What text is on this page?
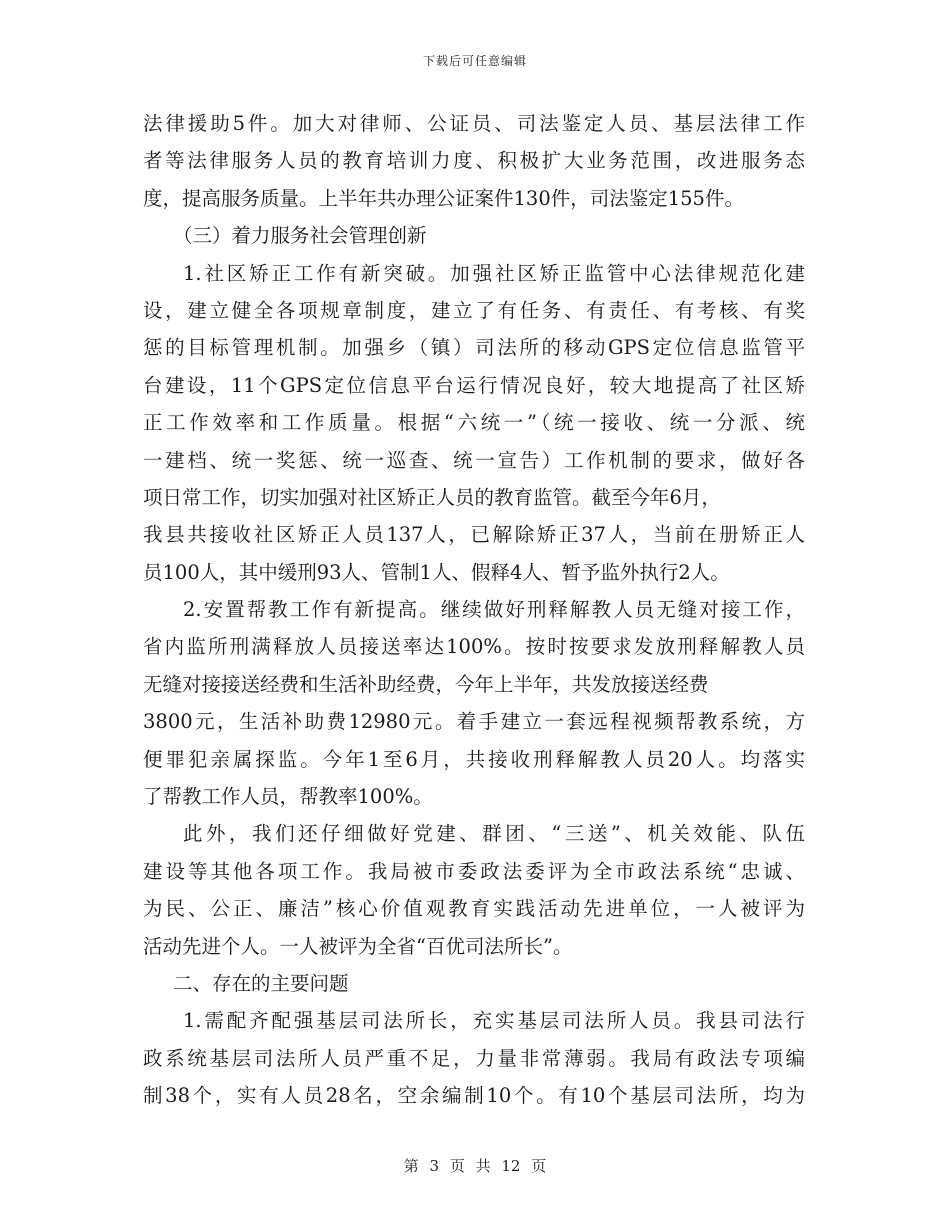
下载后可任意编辑
法律援助5件。加大对律师、公证员、司法鉴定人员、基层法律工作
者等法律服务人员的教育培训力度、积极扩大业务范围，改进服务态
度，提高服务质量。上半年共办理公证案件130件，司法鉴定155件。
（三）着力服务社会管理创新
1.社区矫正工作有新突破。加强社区矫正监管中心法律规范化建
设，建立健全各项规章制度，建立了有任务、有责任、有考核、有奖
惩的目标管理机制。加强乡（镇）司法所的移动GPS定位信息监管平
台建设，11个GPS定位信息平台运行情况良好，较大地提高了社区矫
正工作效率和工作质量。根据“六统一”（统一接收、统一分派、统
一建档、统一奖惩、统一巡查、统一宣告）工作机制的要求，做好各
项日常工作，切实加强对社区矫正人员的教育监管。截至今年6月，
我县共接收社区矫正人员137人，已解除矫正37人，当前在册矫正人
员100人，其中缓刑93人、管制1人、假释4人、暂予监外执行2人。
2.安置帮教工作有新提高。继续做好刑释解教人员无缝对接工作，
省内监所刑满释放人员接送率达100%。按时按要求发放刑释解教人员
无缝对接接送经费和生活补助经费，今年上半年，共发放接送经费
3800元，生活补助费12980元。着手建立一套远程视频帮教系统，方
便罪犯亲属探监。今年1至6月，共接收刑释解教人员20人。均落实
了帮教工作人员，帮教率100%。
此外，我们还仔细做好党建、群团、“三送”、机关效能、队伍
建设等其他各项工作。我局被市委政法委评为全市政法系统“忠诚、
为民、公正、廉洁”核心价值观教育实践活动先进单位，一人被评为
活动先进个人。一人被评为全省“百优司法所长”。
二、存在的主要问题
1.需配齐配强基层司法所长，充实基层司法所人员。我县司法行
政系统基层司法所人员严重不足，力量非常薄弱。我局有政法专项编
制38个，实有人员28名，空余编制10个。有10个基层司法所，均为
第 3 页 共 12 页
